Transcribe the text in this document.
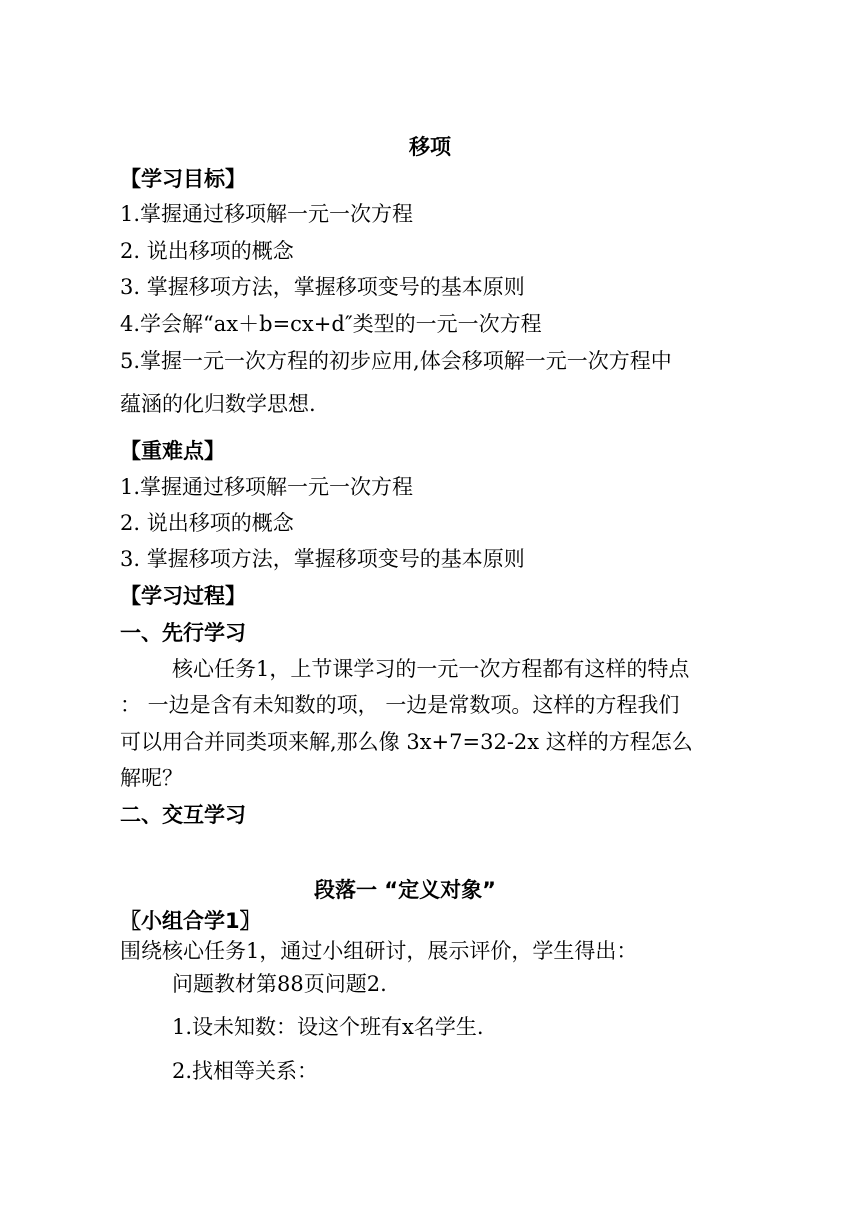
移项
【学习目标】
1.掌握通过移项解一元一次方程
2. 说出移项的概念
3. 掌握移项方法，掌握移项变号的基本原则
4.学会解“ax＋b=cx+d″类型的一元一次方程
5.掌握一元一次方程的初步应用,体会移项解一元一次方程中
蕴涵的化归数学思想.
【重难点】
1.掌握通过移项解一元一次方程
2. 说出移项的概念
3. 掌握移项方法，掌握移项变号的基本原则
【学习过程】
一、先行学习
核心任务1，上节课学习的一元一次方程都有这样的特点
： 一边是含有未知数的项， 一边是常数项。这样的方程我们
可以用合并同类项来解,那么像 3x+7=32-2x 这样的方程怎么
解呢？
二、交互学习
段落一 “定义对象”
〖小组合学1〗
围绕核心任务1，通过小组研讨，展示评价，学生得出：
问题教材第88页问题2.
1.设未知数：设这个班有x名学生.
2.找相等关系：
